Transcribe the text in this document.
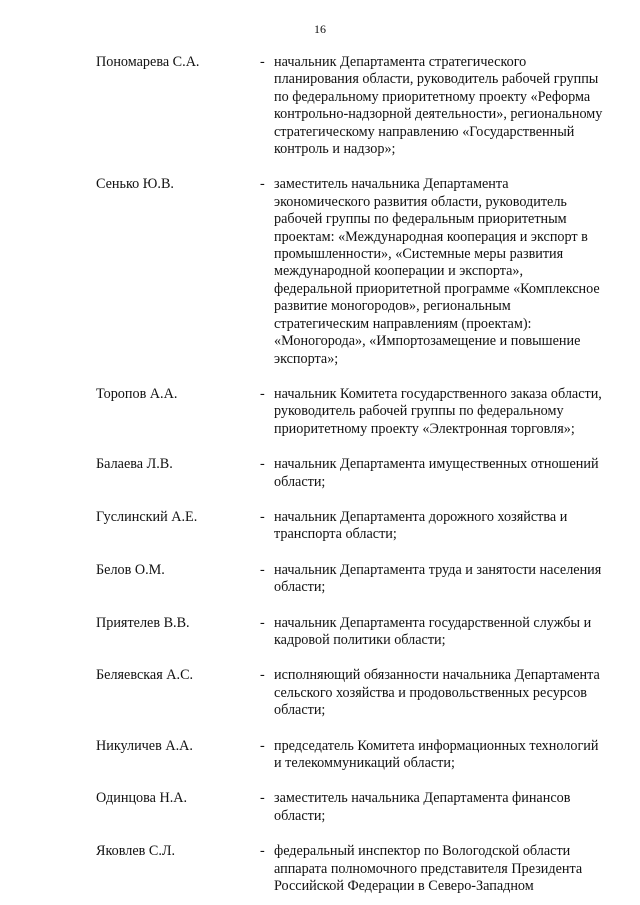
16
Пономарева С.А.	- начальник Департамента стратегического
планирования области, руководитель рабочей группы
по федеральному приоритетному проекту «Реформа
контрольно-надзорной деятельности», региональному
стратегическому направлению «Государственный
контроль и надзор»;
Сенько Ю.В.	- заместитель начальника Департамента
экономического развития области, руководитель
рабочей группы по федеральным приоритетным
проектам: «Международная кооперация и экспорт в
промышленности», «Системные меры развития
международной кооперации и экспорта»,
федеральной приоритетной программе «Комплексное
развитие моногородов», региональным
стратегическим направлениям (проектам):
«Моногорода», «Импортозамещение и повышение
экспорта»;
Торопов А.А.	- начальник Комитета государственного заказа области,
руководитель рабочей группы по федеральному
приоритетному проекту «Электронная торговля»;
Балаева Л.В.	- начальник Департамента имущественных отношений
области;
Гуслинский А.Е.	- начальник Департамента дорожного хозяйства и
транспорта области;
Белов О.М.	- начальник Департамента труда и занятости населения
области;
Приятелев В.В.	- начальник Департамента государственной службы и
кадровой политики области;
Беляевская А.С.	- исполняющий обязанности начальника Департамента
сельского хозяйства и продовольственных ресурсов
области;
Никуличев А.А.	- председатель Комитета информационных технологий
и телекоммуникаций области;
Одинцова Н.А.	- заместитель начальника Департамента финансов
области;
Яковлев С.Л.	- федеральный инспектор по Вологодской области
аппарата полномочного представителя Президента
Российской Федерации в Северо-Западном
